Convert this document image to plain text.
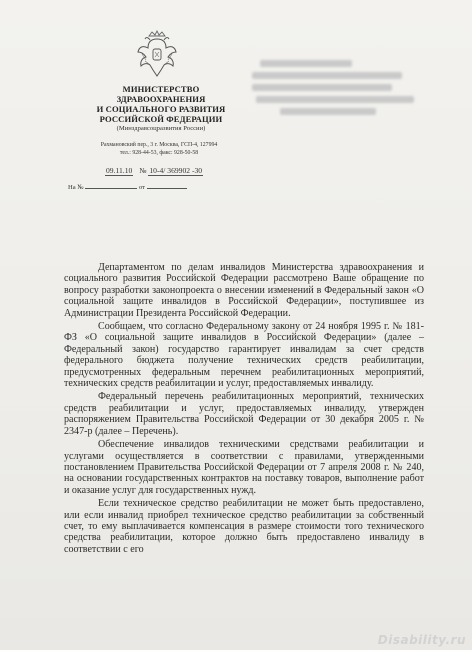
МИНИСТЕРСТВО
ЗДРАВООХРАНЕНИЯ
И СОЦИАЛЬНОГО РАЗВИТИЯ
РОССИЙСКОЙ ФЕДЕРАЦИИ
(Минздравсоцразвития России)
Рахмановский пер., 3 г. Москва, ГСП-4, 127994
тел.: 928-44-53, факс: 928-50-58
09.11.10 № 10-4/ 369902 -30
На №	от

Департаментом по делам инвалидов Министерства здравоохранения и социального развития Российской Федерации рассмотрено Ваше обращение по вопросу разработки законопроекта о внесении изменений в Федеральный закон «О социальной защите инвалидов в Российской Федерации», поступившее из Администрации Президента Российской Федерации.

Сообщаем, что согласно Федеральному закону от 24 ноября 1995 г. № 181-ФЗ «О социальной защите инвалидов в Российской Федерации» (далее – Федеральный закон) государство гарантирует инвалидам за счет средств федерального бюджета получение технических средств реабилитации, предусмотренных федеральным перечнем реабилитационных мероприятий, технических средств реабилитации и услуг, предоставляемых инвалиду.

Федеральный перечень реабилитационных мероприятий, технических средств реабилитации и услуг, предоставляемых инвалиду, утвержден распоряжением Правительства Российской Федерации от 30 декабря 2005 г. № 2347-р (далее – Перечень).

Обеспечение инвалидов техническими средствами реабилитации и услугами осуществляется в соответствии с правилами, утвержденными постановлением Правительства Российской Федерации от 7 апреля 2008 г. № 240, на основании государственных контрактов на поставку товаров, выполнение работ и оказание услуг для государственных нужд.

Если техническое средство реабилитации не может быть предоставлено, или если инвалид приобрел техническое средство реабилитации за собственный счет, то ему выплачивается компенсация в размере стоимости того технического средства реабилитации, которое должно быть предоставлено инвалиду в соответствии с его

Disability.ru
